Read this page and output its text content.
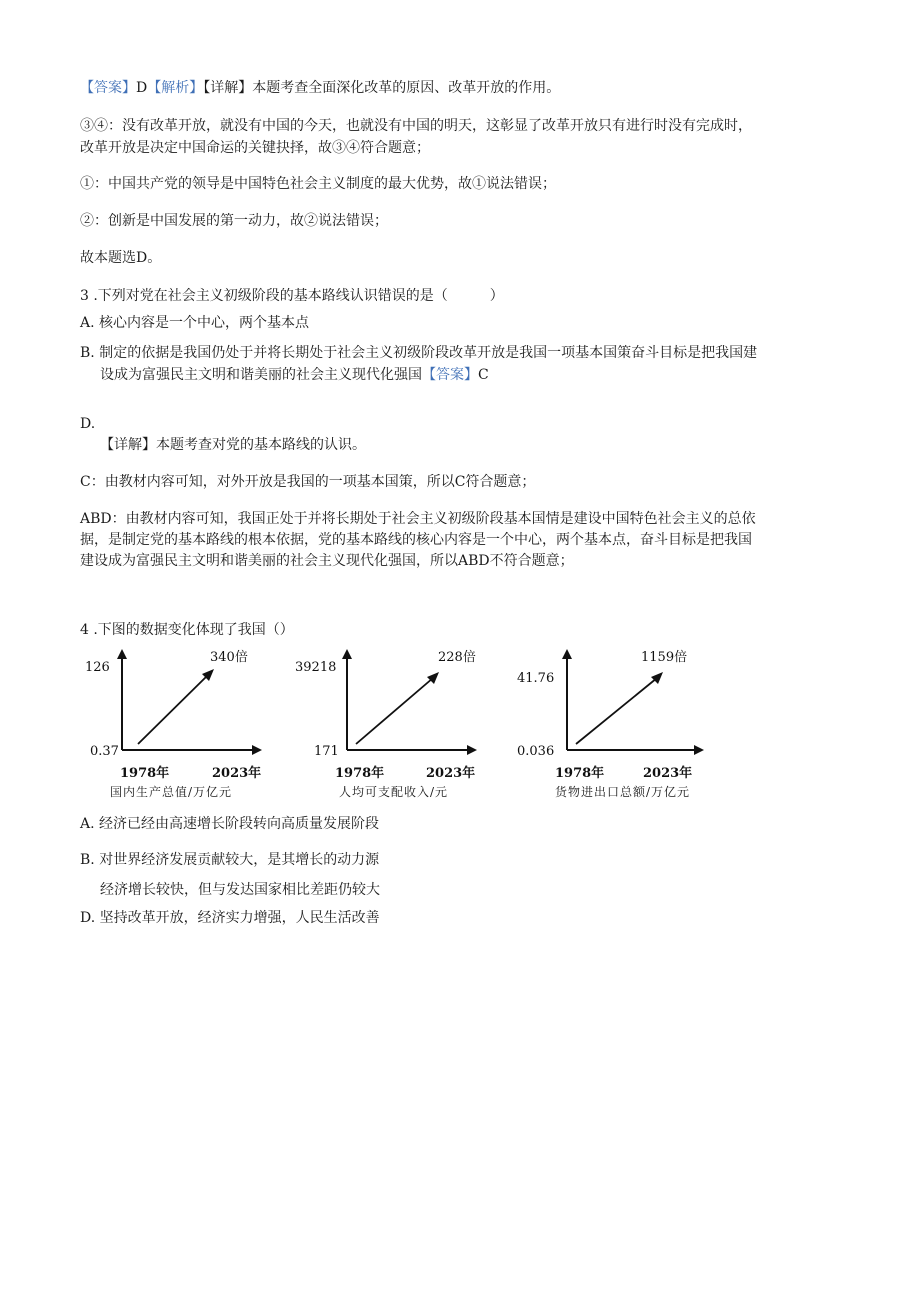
【答案】D【解析】【详解】本题考查全面深化改革的原因、改革开放的作用。
③④：没有改革开放，就没有中国的今天，也就没有中国的明天，这彰显了改革开放只有进行时没有完成时，
改革开放是决定中国命运的关键抉择，故③④符合题意；
①：中国共产党的领导是中国特色社会主义制度的最大优势，故①说法错误；
②：创新是中国发展的第一动力，故②说法错误；
故本题选D。
3 .下列对党在社会主义初级阶段的基本路线认识错误的是（　　　）
A. 核心内容是一个中心，两个基本点
B. 制定的依据是我国仍处于并将长期处于社会主义初级阶段改革开放是我国一项基本国策奋斗目标是把我国建
设成为富强民主文明和谐美丽的社会主义现代化强国【答案】C
D.
【详解】本题考查对党的基本路线的认识。
C：由教材内容可知，对外开放是我国的一项基本国策，所以C符合题意；
ABD：由教材内容可知，我国正处于并将长期处于社会主义初级阶段基本国情是建设中国特色社会主义的总依
据，是制定党的基本路线的根本依据，党的基本路线的核心内容是一个中心，两个基本点，奋斗目标是把我国
建设成为富强民主文明和谐美丽的社会主义现代化强国，所以ABD不符合题意；
4 .下图的数据变化体现了我国（）
126
0.37
340倍
1978年	2023年
国内生产总值/万亿元
39218
171
228倍
1978年	2023年
人均可支配收入/元
41.76
0.036
1159倍
1978年	2023年
货物进出口总额/万亿元
A. 经济已经由高速增长阶段转向高质量发展阶段
B. 对世界经济发展贡献较大，是其增长的动力源
经济增长较快，但与发达国家相比差距仍较大
D. 坚持改革开放，经济实力增强，人民生活改善
